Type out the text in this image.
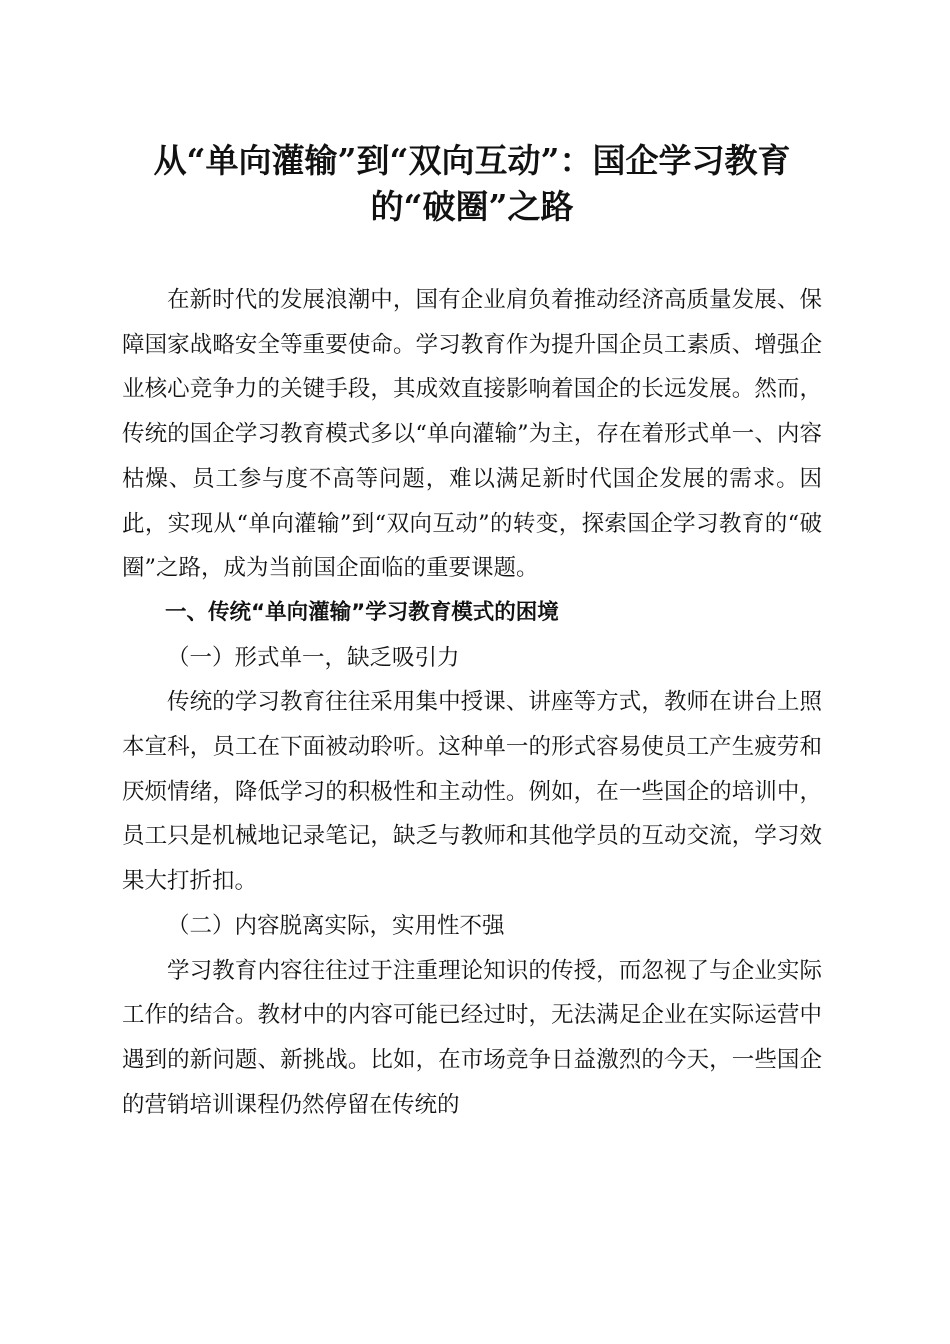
从“单向灌输”到“双向互动”：国企学习教育的“破圈”之路

在新时代的发展浪潮中，国有企业肩负着推动经济高质量发展、保障国家战略安全等重要使命。学习教育作为提升国企员工素质、增强企业核心竞争力的关键手段，其成效直接影响着国企的长远发展。然而，传统的国企学习教育模式多以“单向灌输”为主，存在着形式单一、内容枯燥、员工参与度不高等问题，难以满足新时代国企发展的需求。因此，实现从“单向灌输”到“双向互动”的转变，探索国企学习教育的“破圈”之路，成为当前国企面临的重要课题。

一、传统“单向灌输”学习教育模式的困境

（一）形式单一，缺乏吸引力

传统的学习教育往往采用集中授课、讲座等方式，教师在讲台上照本宣科，员工在下面被动聆听。这种单一的形式容易使员工产生疲劳和厌烦情绪，降低学习的积极性和主动性。例如，在一些国企的培训中，员工只是机械地记录笔记，缺乏与教师和其他学员的互动交流，学习效果大打折扣。

（二）内容脱离实际，实用性不强

学习教育内容往往过于注重理论知识的传授，而忽视了与企业实际工作的结合。教材中的内容可能已经过时，无法满足企业在实际运营中遇到的新问题、新挑战。比如，在市场竞争日益激烈的今天，一些国企的营销培训课程仍然停留在传统的
